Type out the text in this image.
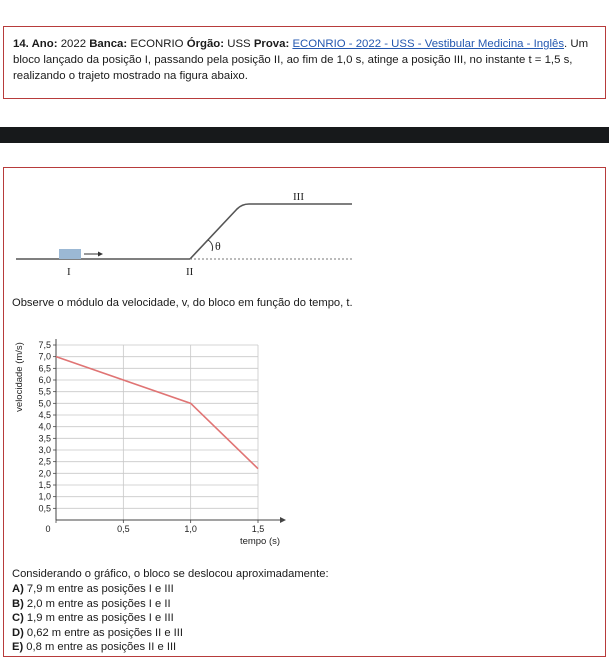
14. Ano: 2022 Banca: ECONRIO Órgão: USS Prova: ECONRIO - 2022 - USS - Vestibular Medicina - Inglês. Um bloco lançado da posição I, passando pela posição II, ao fim de 1,0 s, atinge a posição III, no instante t = 1,5 s, realizando o trajeto mostrado na figura abaixo.
θ
I	II
III
Observe o módulo da velocidade, v, do bloco em função do tempo, t.
0,5
1,0
1,5
2,0
2,5
3,0
3,5
4,0
4,5
5,0
5,5
6,0
6,5
7,0
7,5
0	0,5	1,0	1,5
tempo (s)
velocidade (m/s)
Considerando o gráfico, o bloco se deslocou aproximadamente:
A) 7,9 m entre as posições I e III
B) 2,0 m entre as posições I e II
C) 1,9 m entre as posições I e III
D) 0,62 m entre as posições II e III
E) 0,8 m entre as posições II e III
